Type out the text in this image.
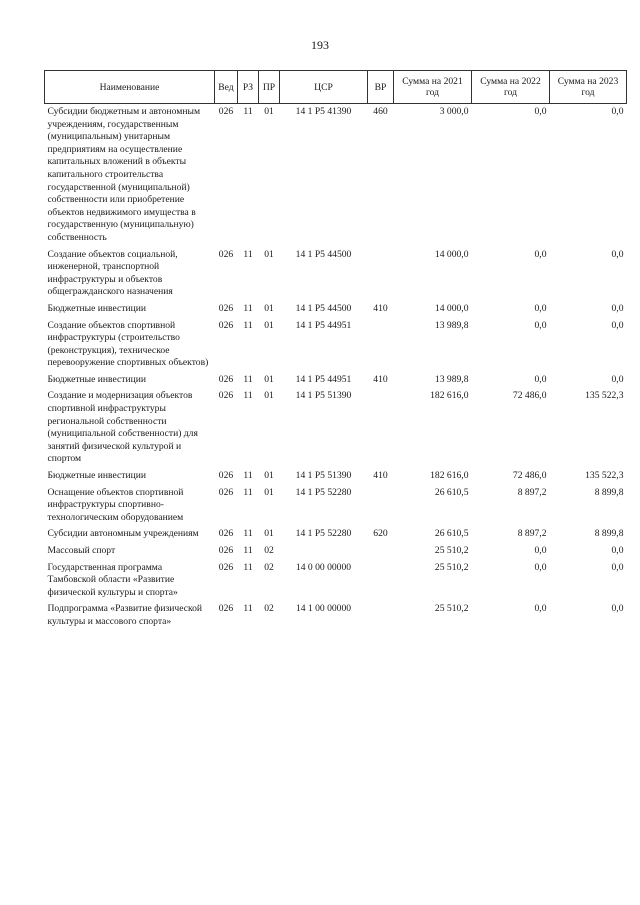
193
Наименование	Вед	РЗ	ПР	ЦСР	ВР	Сумма на 2021 год	Сумма на 2022 год	Сумма на 2023 год
Субсидии бюджетным и автономным учреждениям, государственным (муниципальным) унитарным предприятиям на осуществление капитальных вложений в объекты капитального строительства государственной (муниципальной) собственности или приобретение объектов недвижимого имущества в государственную (муниципальную) собственность	026	11	01	14 1 Р5 41390	460	3 000,0	0,0	0,0
Создание объектов социальной, инженерной, транспортной инфраструктуры и объектов общегражданского назначения	026	11	01	14 1 Р5 44500		14 000,0	0,0	0,0
Бюджетные инвестиции	026	11	01	14 1 Р5 44500	410	14 000,0	0,0	0,0
Создание объектов спортивной инфраструктуры (строительство (реконструкция), техническое перевооружение спортивных объектов)	026	11	01	14 1 Р5 44951		13 989,8	0,0	0,0
Бюджетные инвестиции	026	11	01	14 1 Р5 44951	410	13 989,8	0,0	0,0
Создание и модернизация объектов спортивной инфраструктуры региональной собственности (муниципальной собственности) для занятий физической культурой и спортом	026	11	01	14 1 Р5 51390		182 616,0	72 486,0	135 522,3
Бюджетные инвестиции	026	11	01	14 1 Р5 51390	410	182 616,0	72 486,0	135 522,3
Оснащение объектов спортивной инфраструктуры спортивно-технологическим оборудованием	026	11	01	14 1 Р5 52280		26 610,5	8 897,2	8 899,8
Субсидии автономным учреждениям	026	11	01	14 1 Р5 52280	620	26 610,5	8 897,2	8 899,8
Массовый спорт	026	11	02			25 510,2	0,0	0,0
Государственная программа Тамбовской области «Развитие физической культуры и спорта»	026	11	02	14 0 00 00000		25 510,2	0,0	0,0
Подпрограмма «Развитие физической культуры и массового спорта»	026	11	02	14 1 00 00000		25 510,2	0,0	0,0
